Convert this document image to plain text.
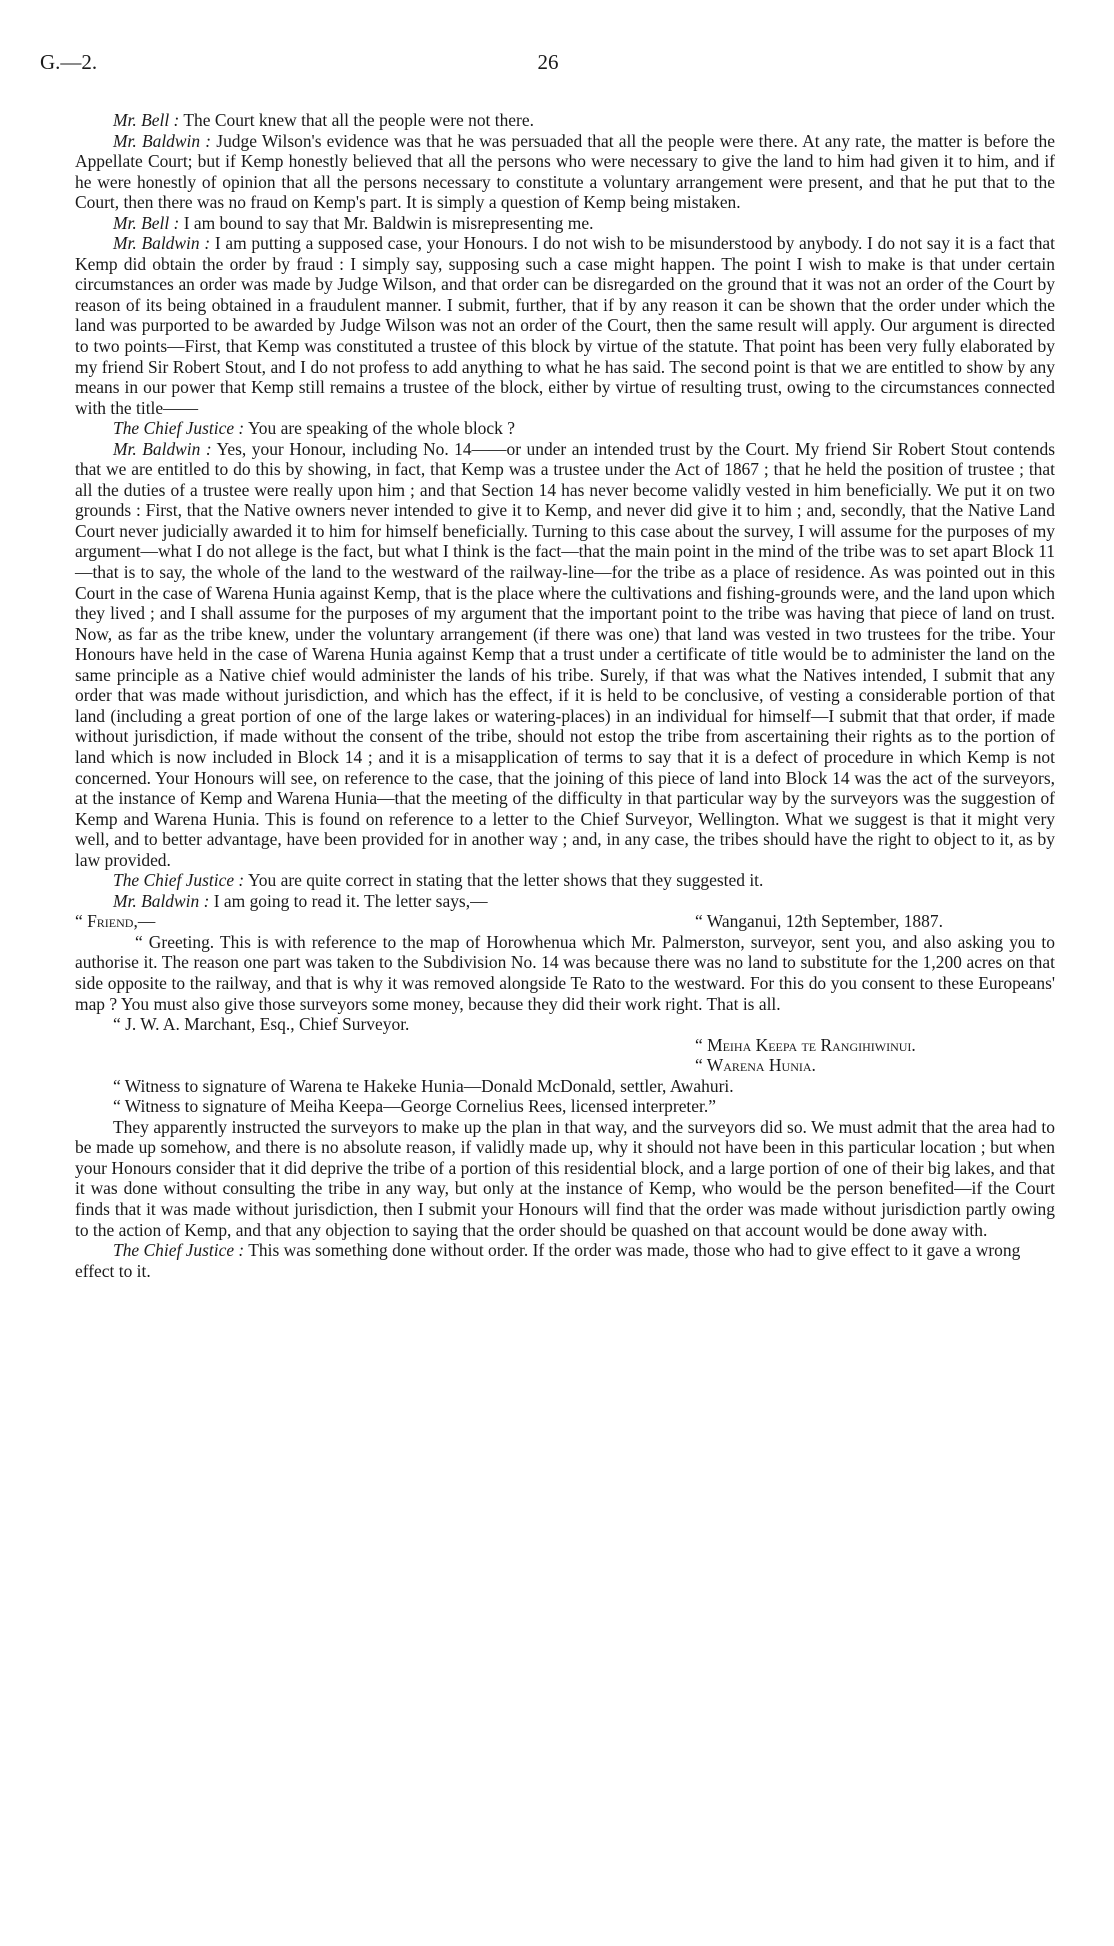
G.—2.	26

Mr. Bell : The Court knew that all the people were not there.

Mr. Baldwin : Judge Wilson's evidence was that he was persuaded that all the people were there. At any rate, the matter is before the Appellate Court; but if Kemp honestly believed that all the persons who were necessary to give the land to him had given it to him, and if he were honestly of opinion that all the persons necessary to constitute a voluntary arrangement were present, and that he put that to the Court, then there was no fraud on Kemp's part. It is simply a question of Kemp being mistaken.

Mr. Bell : I am bound to say that Mr. Baldwin is misrepresenting me.

Mr. Baldwin : I am putting a supposed case, your Honours. I do not wish to be misunderstood by anybody. I do not say it is a fact that Kemp did obtain the order by fraud : I simply say, supposing such a case might happen. The point I wish to make is that under certain circumstances an order was made by Judge Wilson, and that order can be disregarded on the ground that it was not an order of the Court by reason of its being obtained in a fraudulent manner. I submit, further, that if by any reason it can be shown that the order under which the land was purported to be awarded by Judge Wilson was not an order of the Court, then the same result will apply. Our argument is directed to two points—First, that Kemp was constituted a trustee of this block by virtue of the statute. That point has been very fully elaborated by my friend Sir Robert Stout, and I do not profess to add anything to what he has said. The second point is that we are entitled to show by any means in our power that Kemp still remains a trustee of the block, either by virtue of resulting trust, owing to the circumstances connected with the title——

The Chief Justice : You are speaking of the whole block ?

Mr. Baldwin : Yes, your Honour, including No. 14——or under an intended trust by the Court. My friend Sir Robert Stout contends that we are entitled to do this by showing, in fact, that Kemp was a trustee under the Act of 1867 ; that he held the position of trustee ; that all the duties of a trustee were really upon him ; and that Section 14 has never become validly vested in him beneficially. We put it on two grounds : First, that the Native owners never intended to give it to Kemp, and never did give it to him ; and, secondly, that the Native Land Court never judicially awarded it to him for himself beneficially. Turning to this case about the survey, I will assume for the purposes of my argument—what I do not allege is the fact, but what I think is the fact—that the main point in the mind of the tribe was to set apart Block 11—that is to say, the whole of the land to the westward of the railway-line—for the tribe as a place of residence. As was pointed out in this Court in the case of Warena Hunia against Kemp, that is the place where the cultivations and fishing-grounds were, and the land upon which they lived ; and I shall assume for the purposes of my argument that the important point to the tribe was having that piece of land on trust. Now, as far as the tribe knew, under the voluntary arrangement (if there was one) that land was vested in two trustees for the tribe. Your Honours have held in the case of Warena Hunia against Kemp that a trust under a certificate of title would be to administer the land on the same principle as a Native chief would administer the lands of his tribe. Surely, if that was what the Natives intended, I submit that any order that was made without jurisdiction, and which has the effect, if it is held to be conclusive, of vesting a considerable portion of that land (including a great portion of one of the large lakes or watering-places) in an individual for himself—I submit that that order, if made without jurisdiction, if made without the consent of the tribe, should not estop the tribe from ascertaining their rights as to the portion of land which is now included in Block 14 ; and it is a misapplication of terms to say that it is a defect of procedure in which Kemp is not concerned. Your Honours will see, on reference to the case, that the joining of this piece of land into Block 14 was the act of the surveyors, at the instance of Kemp and Warena Hunia—that the meeting of the difficulty in that particular way by the surveyors was the suggestion of Kemp and Warena Hunia. This is found on reference to a letter to the Chief Surveyor, Wellington. What we suggest is that it might very well, and to better advantage, have been provided for in another way ; and, in any case, the tribes should have the right to object to it, as by law provided.

The Chief Justice : You are quite correct in stating that the letter shows that they suggested it.

Mr. Baldwin : I am going to read it. The letter says,—

“ Friend,—	“ Wanganui, 12th September, 1887.

“ Greeting. This is with reference to the map of Horowhenua which Mr. Palmerston, surveyor, sent you, and also asking you to authorise it. The reason one part was taken to the Subdivision No. 14 was because there was no land to substitute for the 1,200 acres on that side opposite to the railway, and that is why it was removed alongside Te Rato to the westward. For this do you consent to these Europeans' map ? You must also give those surveyors some money, because they did their work right. That is all.

“ J. W. A. Marchant, Esq., Chief Surveyor.

“ Meiha Keepa te Rangihiwinui.

“ Warena Hunia.

“ Witness to signature of Warena te Hakeke Hunia—Donald McDonald, settler, Awahuri.

“ Witness to signature of Meiha Keepa—George Cornelius Rees, licensed interpreter.”

They apparently instructed the surveyors to make up the plan in that way, and the surveyors did so. We must admit that the area had to be made up somehow, and there is no absolute reason, if validly made up, why it should not have been in this particular location ; but when your Honours consider that it did deprive the tribe of a portion of this residential block, and a large portion of one of their big lakes, and that it was done without consulting the tribe in any way, but only at the instance of Kemp, who would be the person benefited—if the Court finds that it was made without jurisdiction, then I submit your Honours will find that the order was made without jurisdiction partly owing to the action of Kemp, and that any objection to saying that the order should be quashed on that account would be done away with.

The Chief Justice : This was something done without order. If the order was made, those who had to give effect to it gave a wrong effect to it.
